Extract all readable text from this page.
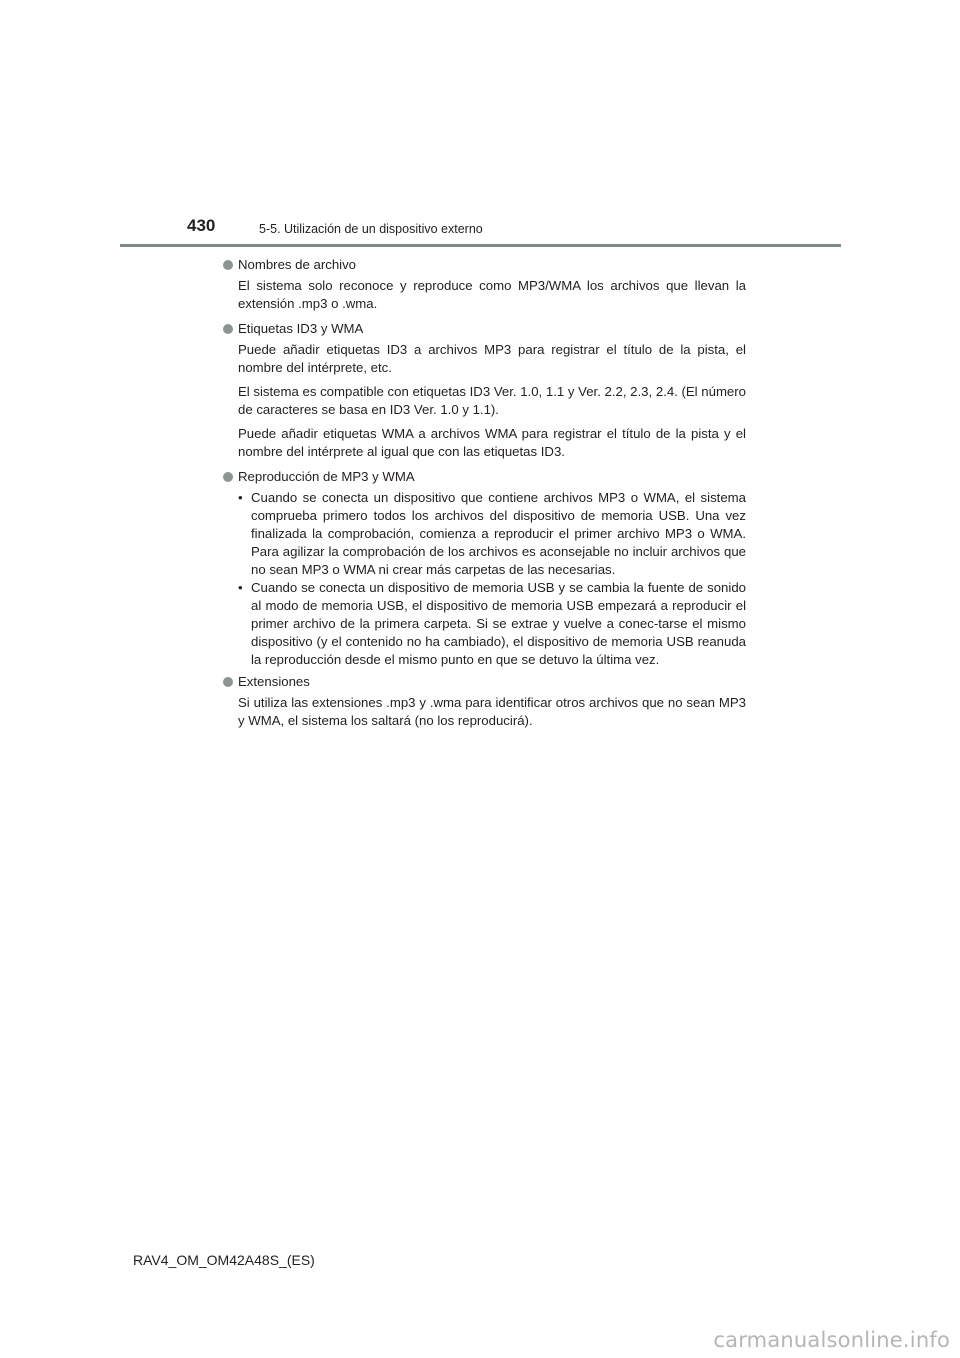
430	5-5. Utilización de un dispositivo externo
Nombres de archivo

El sistema solo reconoce y reproduce como MP3/WMA los archivos que llevan la extensión .mp3 o .wma.

Etiquetas ID3 y WMA

Puede añadir etiquetas ID3 a archivos MP3 para registrar el título de la pista, el nombre del intérprete, etc.

El sistema es compatible con etiquetas ID3 Ver. 1.0, 1.1 y Ver. 2.2, 2.3, 2.4. (El número de caracteres se basa en ID3 Ver. 1.0 y 1.1).

Puede añadir etiquetas WMA a archivos WMA para registrar el título de la pista y el nombre del intérprete al igual que con las etiquetas ID3.

Reproducción de MP3 y WMA
• Cuando se conecta un dispositivo que contiene archivos MP3 o WMA, el sistema comprueba primero todos los archivos del dispositivo de memoria USB. Una vez finalizada la comprobación, comienza a reproducir el primer archivo MP3 o WMA. Para agilizar la comprobación de los archivos es aconsejable no incluir archivos que no sean MP3 o WMA ni crear más carpetas de las necesarias.
• Cuando se conecta un dispositivo de memoria USB y se cambia la fuente de sonido al modo de memoria USB, el dispositivo de memoria USB empezará a reproducir el primer archivo de la primera carpeta. Si se extrae y vuelve a conec-tarse el mismo dispositivo (y el contenido no ha cambiado), el dispositivo de memoria USB reanuda la reproducción desde el mismo punto en que se detuvo la última vez.
Extensiones

Si utiliza las extensiones .mp3 y .wma para identificar otros archivos que no sean MP3 y WMA, el sistema los saltará (no los reproducirá).

RAV4_OM_OM42A48S_(ES)
carmanualsonline.info
